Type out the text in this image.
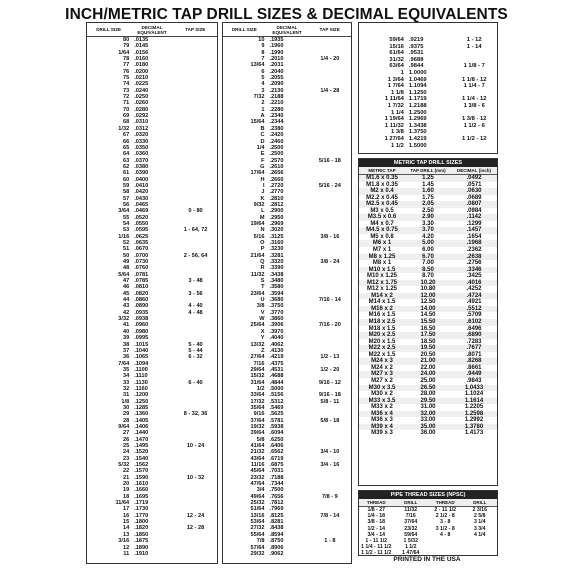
INCH/METRIC TAP DRILL SIZES & DECIMAL EQUIVALENTS
DRILL SIZE	DECIMAL EQUIVALENT	TAP SIZE
80 .0135
79 .0145
1/64 .0156
78 .0160
77 .0180
76 .0200
75 .0210
74 .0225
73 .0240
72 .0250
71 .0260
70 .0280
69 .0292
68 .0310
1/32 .0312
67 .0320
66 .0330
65 .0350
64 .0360
63 .0370
62 .0380
61 .0390
60 .0400
59 .0410
58 .0420
57 .0430
56 .0465
3/64 .0469	0 - 80
55 .0520
54 .0550
53 .0595	1 - 64, 72
1/16 .0625
52 .0635
51 .0670
50 .0700	2 - 56, 64
49 .0730
48 .0760
5/64 .0781
47 .0785	3 - 48
46 .0810
45 .0820	3 - 56
44 .0860
43 .0890	4 - 40
42 .0935	4 - 48
3/32 .0938
41 .0960
40 .0980
39 .0995
38 .1015	5 - 40
37 .1040	5 - 44
36 .1065	6 - 32
7/64 .1094
35 .1100
34 .1110
33 .1130	6 - 40
32 .1160
31 .1200
1/8 .1250
30 .1285
29 .1360	8 - 32, 36
28 .1405
9/64 .1406
27 .1440
26 .1470
25 .1495	10 - 24
24 .1520
23 .1540
5/32 .1562
22 .1570
21 .1590	10 - 32
20 .1610
19 .1660
18 .1695
11/64 .1719
17 .1730
16 .1770	12 - 24
15 .1800
14 .1820	12 - 28
13 .1850
3/16 .1875
12 .1890
11 .1910
DRILL SIZE	DECIMAL EQUIVALENT	TAP SIZE
10 .1935
9 .1960
8 .1990
7 .2010	1/4 - 20
13/64 .2031
6 .2040
5 .2055
4 .2090
3 .2130	1/4 - 28
7/32 .2188
2 .2210
1 .2280
A .2340
15/64 .2344
B .2380
C .2420
D .2460
1/4 .2500
E .2500
F .2570	5/16 - 18
G .2610
17/64 .2656
H .2660
I .2720	5/16 - 24
J .2770
K .2810
9/32 .2812
L .2900
M .2950
19/64 .2969
N .3020
5/16 .3125	3/8 - 16
O .3160
P .3230
21/64 .3281
Q .3320	3/8 - 24
R .3390
11/32 .3438
S .3480
T .3580
23/64 .3594
U .3680	7/16 - 14
3/8 .3750
V .3770
W .3860
25/64 .3906	7/16 - 20
X .3970
Y .4040
13/32 .4062
Z .4130
27/64 .4219	1/2 - 13
7/16 .4375
29/64 .4531	1/2 - 20
15/32 .4688
31/64 .4844	9/16 - 12
1/2 .5000
33/64 .5156	9/16 - 18
17/32 .5312	5/8 - 11
35/64 .5469
9/16 .5625
37/64 .5781	5/8 - 18
19/32 .5938
39/64 .6094
5/8 .6250
41/64 .6406
21/32 .6562	3/4 - 10
43/64 .6719
11/16 .6875	3/4 - 16
45/64 .7031
23/32 .7188
47/64 .7344
3/4 .7500
49/64 .7656	7/8 - 9
25/32 .7812
51/64 .7969
13/16 .8125	7/8 - 14
53/64 .8281
27/32 .8438
55/64 .8594
7/8 .8750	1 - 8
57/64 .8906
29/32 .9062
59/64 .9219	1 - 12
15/16 .9375	1 - 14
61/64 .9531
31/32 .9688
63/64 .9844	1 1/8 - 7
1 1.0000
1 3/64 1.0469	1 1/8 - 12
1 7/64 1.1094	1 1/4 - 7
1 1/8 1.1250
1 11/64 1.1719	1 1/4 - 12
1 7/32 1.2188	1 3/8 - 6
1 1/4 1.2500
1 19/64 1.2969	1 3/8 - 12
1 11/32 1.3438	1 1/2 - 6
1 3/8 1.3750
1 27/64 1.4219	1 1/2 - 12
1 1/2 1.5000
METRIC TAP DRILL SIZES
METRIC TAP	TAP DRILL (mm)	DECIMAL (inch)
M1.6 x 0.35	1.25	.0492
M1.8 x 0.35	1.45	.0571
M2 x 0.4	1.60	.0630
M2.2 x 0.45	1.75	.0689
M2.5 x 0.45	2.05	.0807
M3 x 0.5	2.50	.0984
M3.5 x 0.6	2.90	.1142
M4 x 0.7	3.30	.1299
M4.5 x 0.75	3.70	.1457
M5 x 0.8	4.20	.1654
M6 x 1	5.00	.1968
M7 x 1	6.00	.2362
M8 x 1.25	6.70	.2638
M8 x 1	7.00	.2756
M10 x 1.5	8.50	.3346
M10 x 1.25	8.70	.3425
M12 x 1.75	10.20	.4016
M12 x 1.25	10.80	.4252
M14 x 2	12.00	.4724
M14 x 1.5	12.50	.4921
M16 x 2	14.00	.5512
M16 x 1.5	14.50	.5709
M18 x 2.5	15.50	.6102
M18 x 1.5	16.50	.6496
M20 x 2.5	17.50	.6890
M20 x 1.5	18.50	.7283
M22 x 2.5	19.50	.7677
M22 x 1.5	20.50	.8071
M24 x 3	21.00	.8268
M24 x 2	22.00	.8661
M27 x 3	24.00	.9449
M27 x 2	25.00	.9843
M30 x 3.5	26.50	1.0433
M30 x 2	28.00	1.1024
M33 x 3.5	29.50	1.1614
M33 x 2	31.00	1.2205
M36 x 4	32.00	1.2598
M36 x 3	33.00	1.2992
M39 x 4	35.00	1.3780
M39 x 3	36.00	1.4173
PIPE THREAD SIZES (NPSC)
THREAD	DRILL	THREAD	DRILL
1/8 - 27	11/32	2 - 11 1/2	2 3/16
1/4 - 18	7/16	2 1/2 - 8	2 5/8
3/8 - 18	37/64	3 - 8	3 1/4
1/2 - 14	23/32	3 1/2 - 8	3 3/4
3/4 - 14	59/64	4 - 8	4 1/4
1 - 11 1/2	1 5/32
1 1/4 - 11 1/2	1 1/2
1 1/2 - 11 1/2	1 47/64
PRINTED IN THE USA
